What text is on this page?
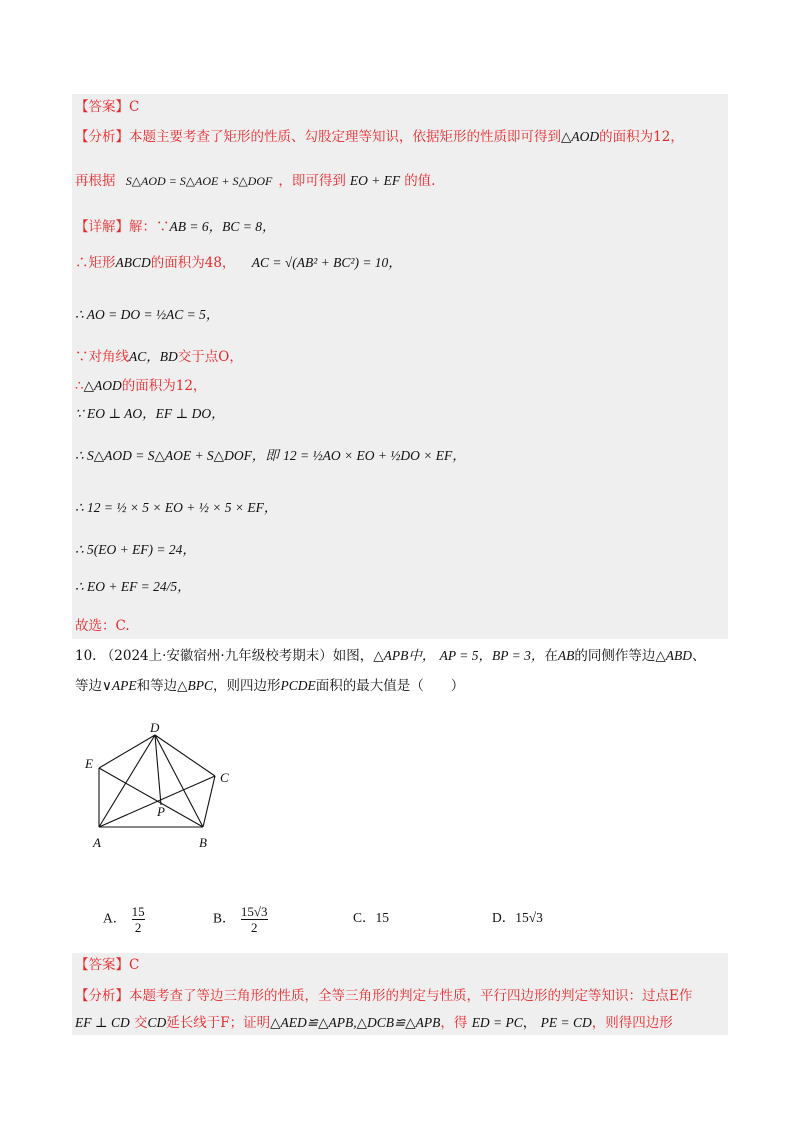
【答案】C
【分析】本题主要考查了矩形的性质、勾股定理等知识，依据矩形的性质即可得到△AOD的面积为12，
再根据 S△AOD = S△AOE + S△DOF ，即可得到 EO + EF 的值.
【详解】解：∵AB = 6，BC = 8，
∴矩形ABCD的面积为48， AC = √(AB² + BC²) = 10，
∴ AO = DO = ½AC = 5，
∵对角线AC，BD交于点O，
∴△AOD的面积为12，
∵ EO ⊥ AO，EF ⊥ DO，
∴ S△AOD = S△AOE + S△DOF，即 12 = ½AO × EO + ½DO × EF，
∴ 12 = ½ × 5 × EO + ½ × 5 × EF，
∴ 5(EO + EF) = 24，
∴ EO + EF = 24/5，
故选：C.
10. （2024上·安徽宿州·九年级校考期末）如图，△APB中， AP = 5，BP = 3，在AB的同侧作等边△ABD、
等边∨APE和等边△BPC，则四边形PCDE面积的最大值是（　　）
D
E
C
P
A	B
A． $\frac{15}{2}$	B． $\frac{15√3}{2}$	C．15	D．15√3
【答案】C
【分析】本题考查了等边三角形的性质，全等三角形的判定与性质，平行四边形的判定等知识：过点E作
EF ⊥ CD 交CD延长线于F；证明△AED≌△APB,△DCB≌△APB，得 ED = PC， PE = CD，则得四边形
